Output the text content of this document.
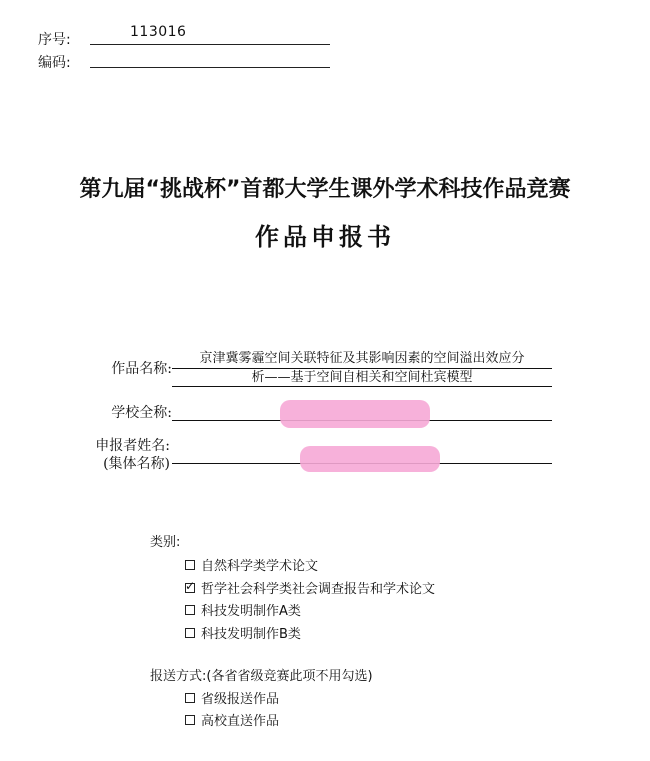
序号:	113016
编码:
第九届“挑战杯”首都大学生课外学术科技作品竞赛
作品申报书
作品名称:
京津冀雾霾空间关联特征及其影响因素的空间溢出效应分
析——基于空间自相关和空间杜宾模型
学校全称:
申报者姓名:
(集体名称)
类别:
自然科学类学术论文
✓
哲学社会科学类社会调查报告和学术论文
科技发明制作A类
科技发明制作B类
报送方式:(各省省级竞赛此项不用勾选)
省级报送作品
高校直送作品
